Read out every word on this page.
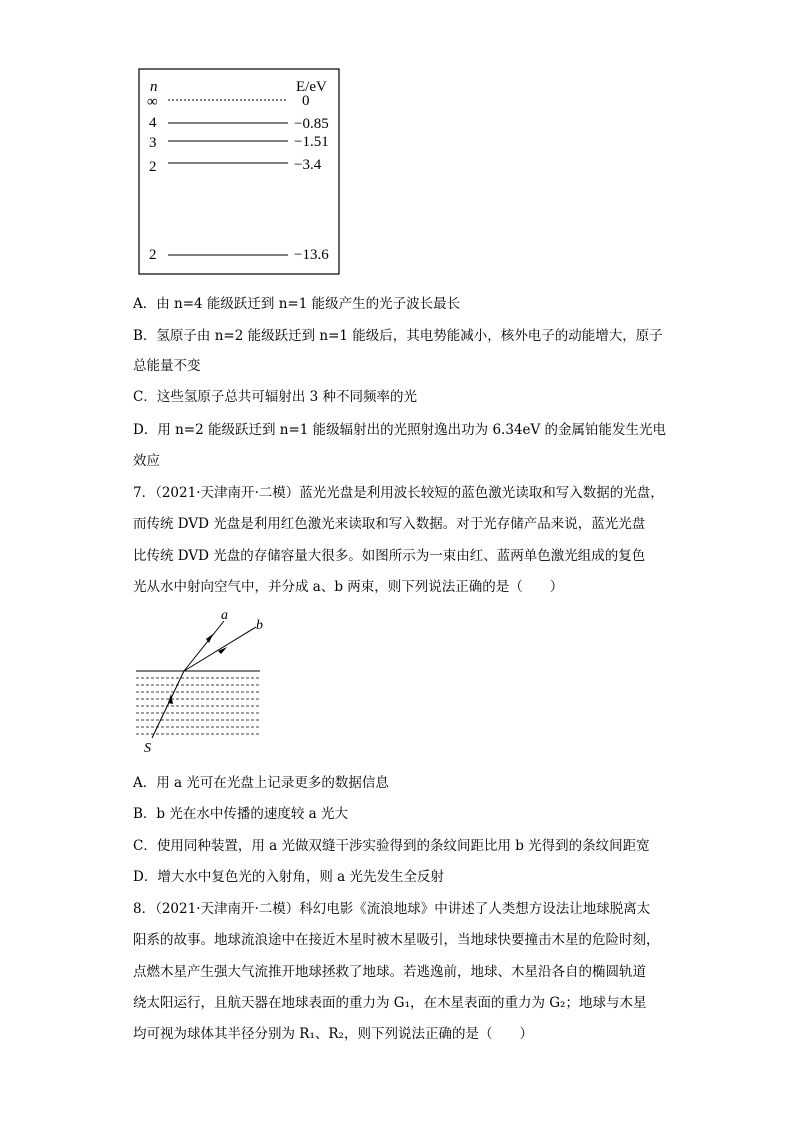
n	E/eV
∞	0
4	−0.85
3	−1.51
2	−3.4
2	−13.6
A．由 n=4 能级跃迁到 n=1 能级产生的光子波长最长
B．氢原子由 n=2 能级跃迁到 n=1 能级后，其电势能减小，核外电子的动能增大，原子
总能量不变
C．这些氢原子总共可辐射出 3 种不同频率的光
D．用 n=2 能级跃迁到 n=1 能级辐射出的光照射逸出功为 6.34eV 的金属铂能发生光电
效应
7．（2021·天津南开·二模）蓝光光盘是利用波长较短的蓝色激光读取和写入数据的光盘，
而传统 DVD 光盘是利用红色激光来读取和写入数据。对于光存储产品来说，蓝光光盘
比传统 DVD 光盘的存储容量大很多。如图所示为一束由红、蓝两单色激光组成的复色
光从水中射向空气中，并分成 a、b 两束，则下列说法正确的是（　　）
a
b
S
A．用 a 光可在光盘上记录更多的数据信息
B．b 光在水中传播的速度较 a 光大
C．使用同种装置，用 a 光做双缝干涉实验得到的条纹间距比用 b 光得到的条纹间距宽
D．增大水中复色光的入射角，则 a 光先发生全反射
8．（2021·天津南开·二模）科幻电影《流浪地球》中讲述了人类想方设法让地球脱离太
阳系的故事。地球流浪途中在接近木星时被木星吸引，当地球快要撞击木星的危险时刻，
点燃木星产生强大气流推开地球拯救了地球。若逃逸前，地球、木星沿各自的椭圆轨道
绕太阳运行，且航天器在地球表面的重力为 G₁，在木星表面的重力为 G₂；地球与木星
均可视为球体其半径分别为 R₁、R₂，则下列说法正确的是（　　）
